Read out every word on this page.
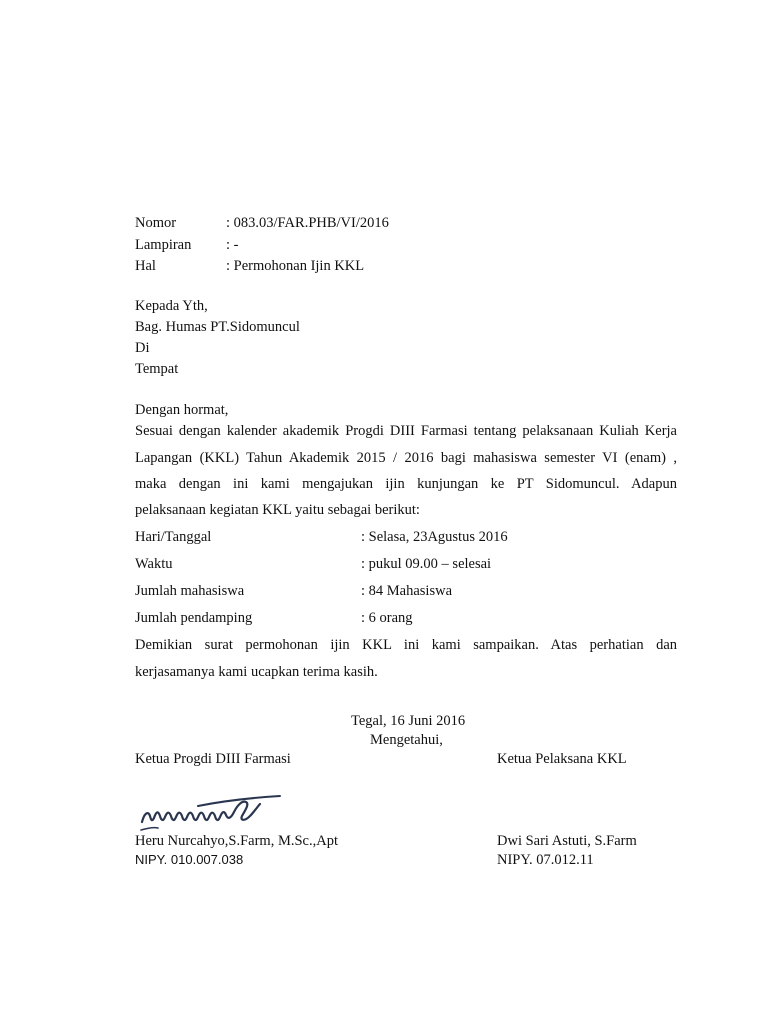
Nomor	: 083.03/FAR.PHB/VI/2016
Lampiran : -
Hal	: Permohonan Ijin KKL
Kepada Yth,
Bag. Humas PT.Sidomuncul
Di
Tempat
Dengan hormat,
Sesuai dengan kalender akademik Progdi DIII Farmasi tentang pelaksanaan Kuliah Kerja
Lapangan (KKL) Tahun Akademik 2015 / 2016 bagi mahasiswa semester VI (enam) ,
maka dengan ini kami mengajukan ijin kunjungan ke PT Sidomuncul. Adapun
pelaksanaan kegiatan KKL yaitu sebagai berikut:
Hari/Tanggal	: Selasa, 23Agustus 2016
Waktu	: pukul 09.00 – selesai
Jumlah mahasiswa	: 84 Mahasiswa
Jumlah pendamping	: 6 orang
Demikian surat permohonan ijin KKL ini kami sampaikan. Atas perhatian dan
kerjasamanya kami ucapkan terima kasih.
Tegal, 16 Juni 2016
Mengetahui,
Ketua Progdi DIII Farmasi	Ketua Pelaksana KKL
Heru Nurcahyo,S.Farm, M.Sc.,Apt
NIPY. 010.007.038
Dwi Sari Astuti, S.Farm
NIPY. 07.012.11
